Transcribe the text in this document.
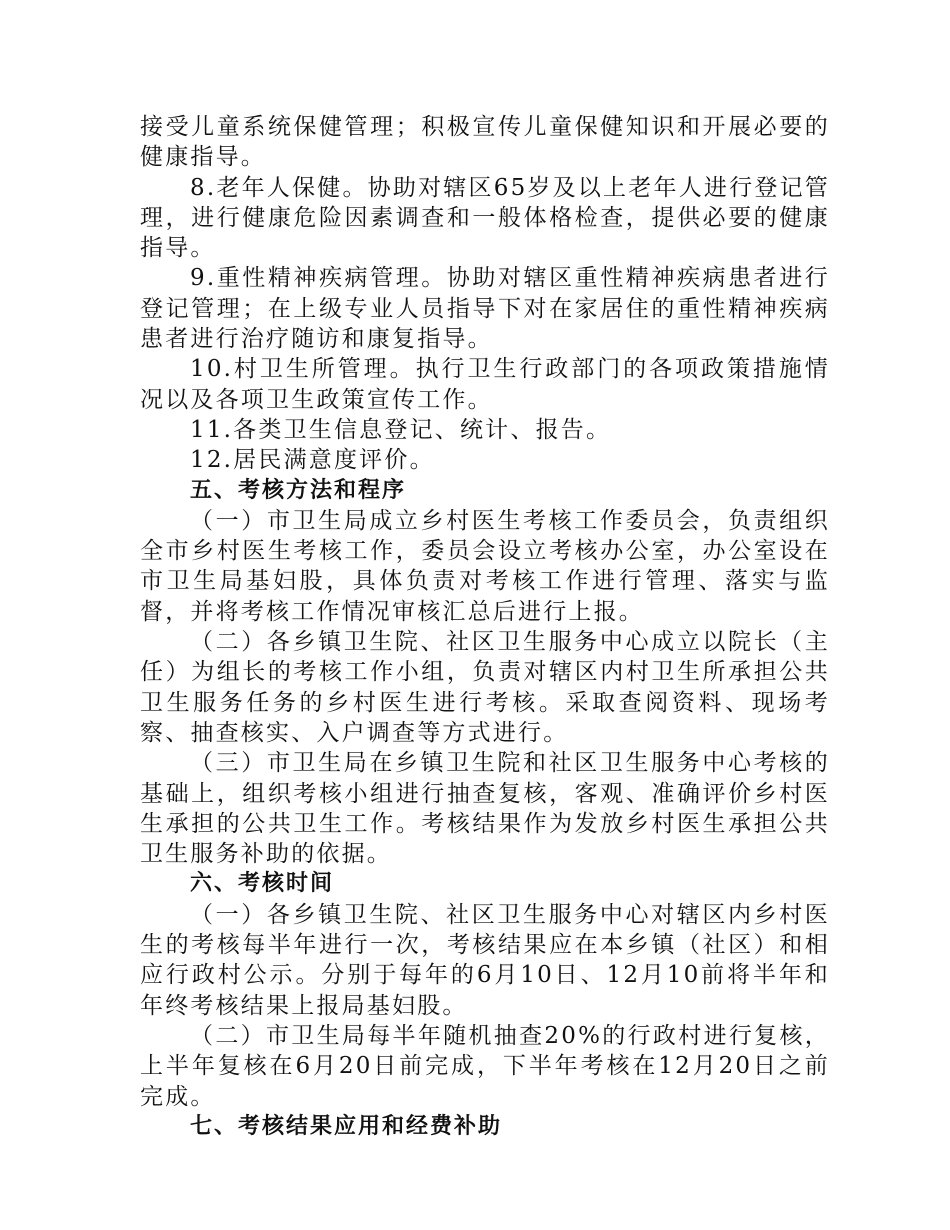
接受儿童系统保健管理；积极宣传儿童保健知识和开展必要的健康指导。

8.老年人保健。协助对辖区65岁及以上老年人进行登记管理，进行健康危险因素调查和一般体格检查，提供必要的健康指导。

9.重性精神疾病管理。协助对辖区重性精神疾病患者进行登记管理；在上级专业人员指导下对在家居住的重性精神疾病患者进行治疗随访和康复指导。

10.村卫生所管理。执行卫生行政部门的各项政策措施情况以及各项卫生政策宣传工作。

11.各类卫生信息登记、统计、报告。

12.居民满意度评价。

五、考核方法和程序

（一）市卫生局成立乡村医生考核工作委员会，负责组织全市乡村医生考核工作，委员会设立考核办公室，办公室设在市卫生局基妇股，具体负责对考核工作进行管理、落实与监督，并将考核工作情况审核汇总后进行上报。

（二）各乡镇卫生院、社区卫生服务中心成立以院长（主任）为组长的考核工作小组，负责对辖区内村卫生所承担公共卫生服务任务的乡村医生进行考核。采取查阅资料、现场考察、抽查核实、入户调查等方式进行。

（三）市卫生局在乡镇卫生院和社区卫生服务中心考核的基础上，组织考核小组进行抽查复核，客观、准确评价乡村医生承担的公共卫生工作。考核结果作为发放乡村医生承担公共卫生服务补助的依据。

六、考核时间

（一）各乡镇卫生院、社区卫生服务中心对辖区内乡村医生的考核每半年进行一次，考核结果应在本乡镇（社区）和相应行政村公示。分别于每年的6月10日、12月10前将半年和年终考核结果上报局基妇股。

（二）市卫生局每半年随机抽查20%的行政村进行复核，上半年复核在6月20日前完成，下半年考核在12月20日之前完成。

七、考核结果应用和经费补助
